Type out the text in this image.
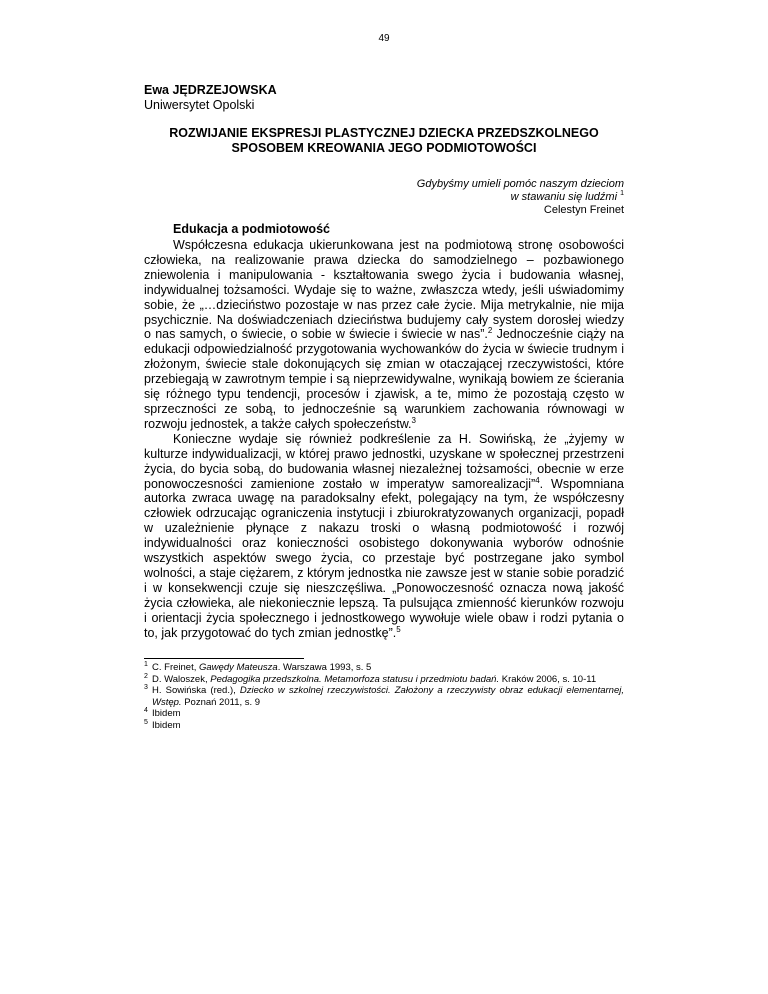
49
Ewa JĘDRZEJOWSKA
Uniwersytet Opolski
ROZWIJANIE EKSPRESJI PLASTYCZNEJ DZIECKA PRZEDSZKOLNEGO
SPOSOBEM KREOWANIA JEGO PODMIOTOWOŚCI
Gdybyśmy umieli pomóc naszym dzieciom
w stawaniu się ludźmi $^1$
Celestyn Freinet
Edukacja a podmiotowość

Współczesna edukacja ukierunkowana jest na podmiotową stronę osobowości człowieka, na realizowanie prawa dziecka do samodzielnego – pozbawionego zniewolenia i manipulowania - kształtowania swego życia i budowania własnej, indywidualnej tożsamości. Wydaje się to ważne, zwłaszcza wtedy, jeśli uświadomimy sobie, że „…dzieciństwo pozostaje w nas przez całe życie. Mija metrykalnie, nie mija psychicznie. Na doświadczeniach dzieciństwa budujemy cały system dorosłej wiedzy o nas samych, o świecie, o sobie w świecie i świecie w nas”.$^2$ Jednocześnie ciąży na edukacji odpowiedzialność przygotowania wychowanków do życia w świecie trudnym i złożonym, świecie stale dokonujących się zmian w otaczającej rzeczywistości, które przebiegają w zawrotnym tempie i są nieprzewidywalne, wynikają bowiem ze ścierania się różnego typu tendencji, procesów i zjawisk, a te, mimo że pozostają często w sprzeczności ze sobą, to jednocześnie są warunkiem zachowania równowagi w rozwoju jednostek, a także całych społeczeństw.$^3$

Konieczne wydaje się również podkreślenie za H. Sowińską, że „żyjemy w kulturze indywidualizacji, w której prawo jednostki, uzyskane w społecznej przestrzeni życia, do bycia sobą, do budowania własnej niezależnej tożsamości, obecnie w erze ponowoczesności zamienione zostało w imperatyw samorealizacji”$^4$. Wspomniana autorka zwraca uwagę na paradoksalny efekt, polegający na tym, że współczesny człowiek odrzucając ograniczenia instytucji i zbiurokratyzowanych organizacji, popadł w uzależnienie płynące z nakazu troski o własną podmiotowość i rozwój indywidualności oraz konieczności osobistego dokonywania wyborów odnośnie wszystkich aspektów swego życia, co przestaje być postrzegane jako symbol wolności, a staje ciężarem, z którym jednostka nie zawsze jest w stanie sobie poradzić i w konsekwencji czuje się nieszczęśliwa. „Ponowoczesność oznacza nową jakość życia człowieka, ale niekoniecznie lepszą. Ta pulsująca zmienność kierunków rozwoju i orientacji życia społecznego i jednostkowego wywołuje wiele obaw i rodzi pytania o to, jak przygotować do tych zmian jednostkę”.$^5$

1 C. Freinet, Gawędy Mateusza. Warszawa 1993, s. 5
2 D. Waloszek, Pedagogika przedszkolna. Metamorfoza statusu i przedmiotu badań. Kraków 2006, s. 10-11
3 H. Sowińska (red.), Dziecko w szkolnej rzeczywistości. Założony a rzeczywisty obraz edukacji elementarnej, Wstęp. Poznań 2011, s. 9
4 Ibidem
5 Ibidem
